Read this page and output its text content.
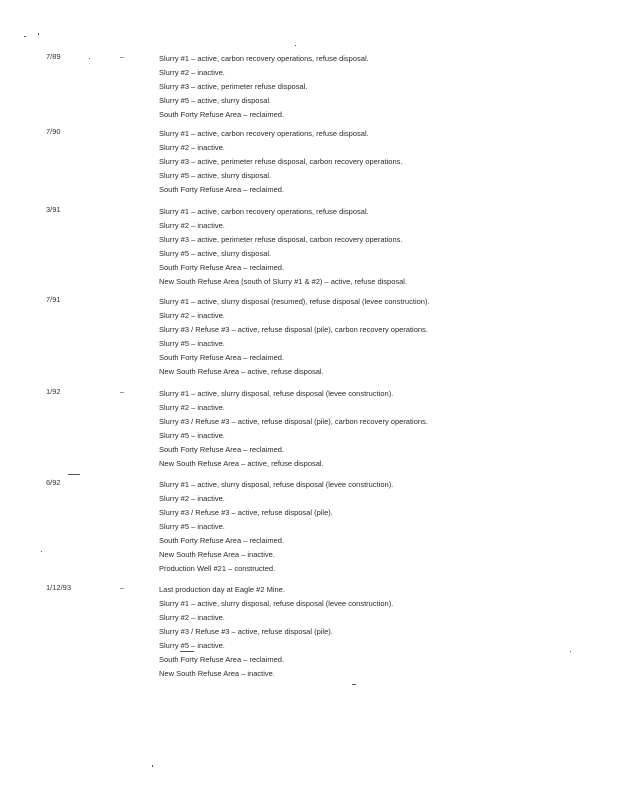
7/89	–	Slurry #1 – active, carbon recovery operations, refuse disposal.
Slurry #2 – inactive.
Slurry #3 – active, perimeter refuse disposal.
Slurry #5 – active, slurry disposal.
South Forty Refuse Area – reclaimed.
7/90	Slurry #1 – active, carbon recovery operations, refuse disposal.
Slurry #2 – inactive.
Slurry #3 – active, perimeter refuse disposal, carbon recovery operations.
Slurry #5 – active, slurry disposal.
South Forty Refuse Area – reclaimed.
3/91	Slurry #1 – active, carbon recovery operations, refuse disposal.
Slurry #2 – inactive.
Slurry #3 – active, perimeter refuse disposal, carbon recovery operations.
Slurry #5 – active, slurry disposal.
South Forty Refuse Area – reclaimed.
New South Refuse Area (south of Slurry #1 & #2) – active, refuse disposal.
7/91	Slurry #1 – active, slurry disposal (resumed), refuse disposal (levee construction).
Slurry #2 – inactive.
Slurry #3 / Refuse #3 – active, refuse disposal (pile), carbon recovery operations.
Slurry #5 – inactive.
South Forty Refuse Area – reclaimed.
New South Refuse Area – active, refuse disposal.
1/92	–	Slurry #1 – active, slurry disposal, refuse disposal (levee construction).
Slurry #2 – inactive.
Slurry #3 / Refuse #3 – active, refuse disposal (pile), carbon recovery operations.
Slurry #5 – inactive.
South Forty Refuse Area – reclaimed.
New South Refuse Area – active, refuse disposal.
6/92	Slurry #1 – active, slurry disposal, refuse disposal (levee construction).
Slurry #2 – inactive.
Slurry #3 / Refuse #3 – active, refuse disposal (pile).
Slurry #5 – inactive.
South Forty Refuse Area – reclaimed.
New South Refuse Area – inactive.
Production Well #21 – constructed.
1/12/93	–	Last production day at Eagle #2 Mine.
Slurry #1 – active, slurry disposal, refuse disposal (levee construction).
Slurry #2 – inactive.
Slurry #3 / Refuse #3 – active, refuse disposal (pile).
Slurry #5 – inactive.
South Forty Refuse Area – reclaimed.
New South Refuse Area – inactive.
